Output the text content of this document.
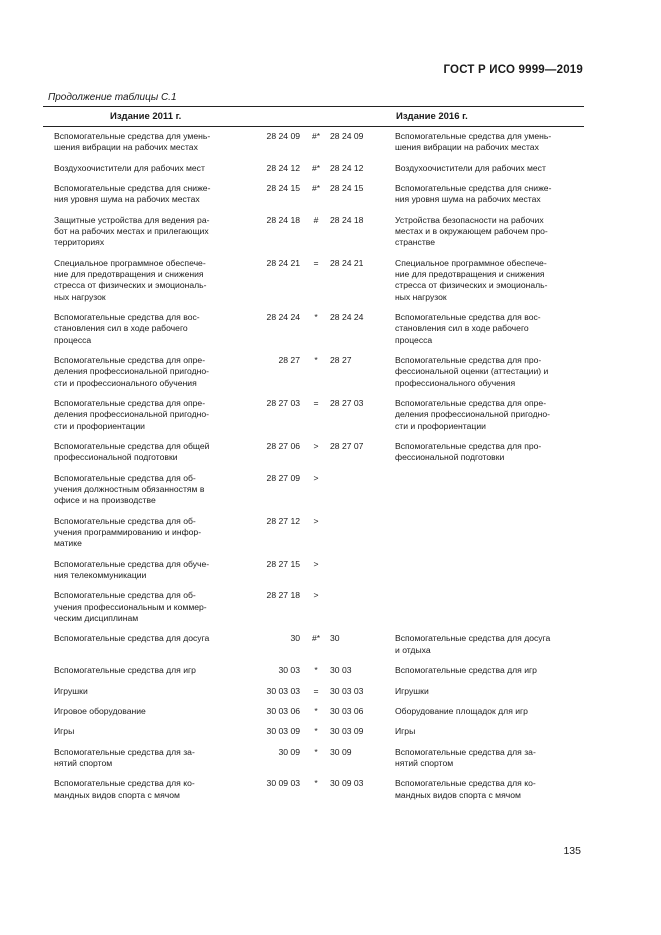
ГОСТ Р ИСО 9999—2019
Продолжение таблицы С.1
Издание 2011 г.	Издание 2016 г.
Вспомогательные средства для умень-
шения вибрации на рабочих местах
28 24 09	#*	28 24 09	Вспомогательные средства для умень-
шения вибрации на рабочих местах
Воздухоочистители для рабочих мест	28 24 12	#*	28 24 12	Воздухоочистители для рабочих мест
Вспомогательные средства для сниже-
ния уровня шума на рабочих местах
28 24 15	#*	28 24 15	Вспомогательные средства для сниже-
ния уровня шума на рабочих местах
Защитные устройства для ведения ра-
бот на рабочих местах и прилегающих
территориях
28 24 18	#	28 24 18	Устройства безопасности на рабочих
местах и в окружающем рабочем про-
странстве
Специальное программное обеспече-
ние для предотвращения и снижения
стресса от физических и эмоциональ-
ных нагрузок
28 24 21	=	28 24 21	Специальное программное обеспече-
ние для предотвращения и снижения
стресса от физических и эмоциональ-
ных нагрузок
Вспомогательные средства для вос-
становления сил в ходе рабочего
процесса
28 24 24	*	28 24 24	Вспомогательные средства для вос-
становления сил в ходе рабочего
процесса
Вспомогательные средства для опре-
деления профессиональной пригодно-
сти и профессионального обучения
28 27	*	28 27	Вспомогательные средства для про-
фессиональной оценки (аттестации) и
профессионального обучения
Вспомогательные средства для опре-
деления профессиональной пригодно-
сти и профориентации
28 27 03	=	28 27 03	Вспомогательные средства для опре-
деления профессиональной пригодно-
сти и профориентации
Вспомогательные средства для общей
профессиональной подготовки
28 27 06	>	28 27 07	Вспомогательные средства для про-
фессиональной подготовки
Вспомогательные средства для об-
учения должностным обязанностям в
офисе и на производстве
28 27 09	>
Вспомогательные средства для об-
учения программированию и инфор-
матике
28 27 12	>
Вспомогательные средства для обуче-
ния телекоммуникации
28 27 15	>
Вспомогательные средства для об-
учения профессиональным и коммер-
ческим дисциплинам
28 27 18	>
Вспомогательные средства для досуга	30	#*	30	Вспомогательные средства для досуга
и отдыха
Вспомогательные средства для игр	30 03	*	30 03	Вспомогательные средства для игр
Игрушки	30 03 03	=	30 03 03	Игрушки
Игровое оборудование	30 03 06	*	30 03 06	Оборудование площадок для игр
Игры	30 03 09	*	30 03 09	Игры
Вспомогательные средства для за-
нятий спортом
30 09	*	30 09	Вспомогательные средства для за-
нятий спортом
Вспомогательные средства для ко-
мандных видов спорта с мячом
30 09 03	*	30 09 03	Вспомогательные средства для ко-
мандных видов спорта с мячом
135
